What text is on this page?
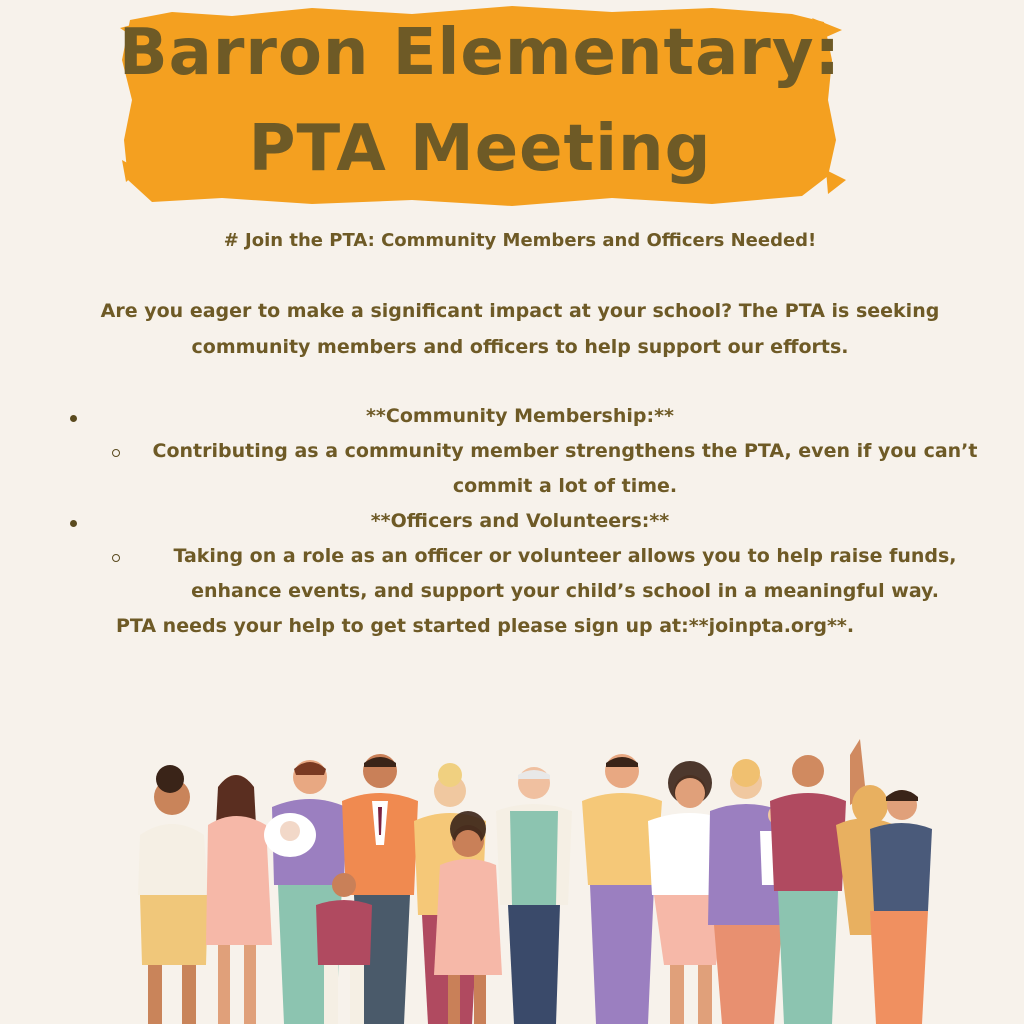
Barron Elementary:
PTA Meeting
# Join the PTA: Community Members and Officers Needed!
Are you eager to make a significant impact at your school? The PTA is seeking community members and officers to help support our efforts.
**Community Membership:**
Contributing as a community member strengthens the PTA, even if you can’t commit a lot of time.
**Officers and Volunteers:**
Taking on a role as an officer or volunteer allows you to help raise funds, enhance events, and support your child’s school in a meaningful way.
PTA needs your help to get started please sign up at:**joinpta.org**.
